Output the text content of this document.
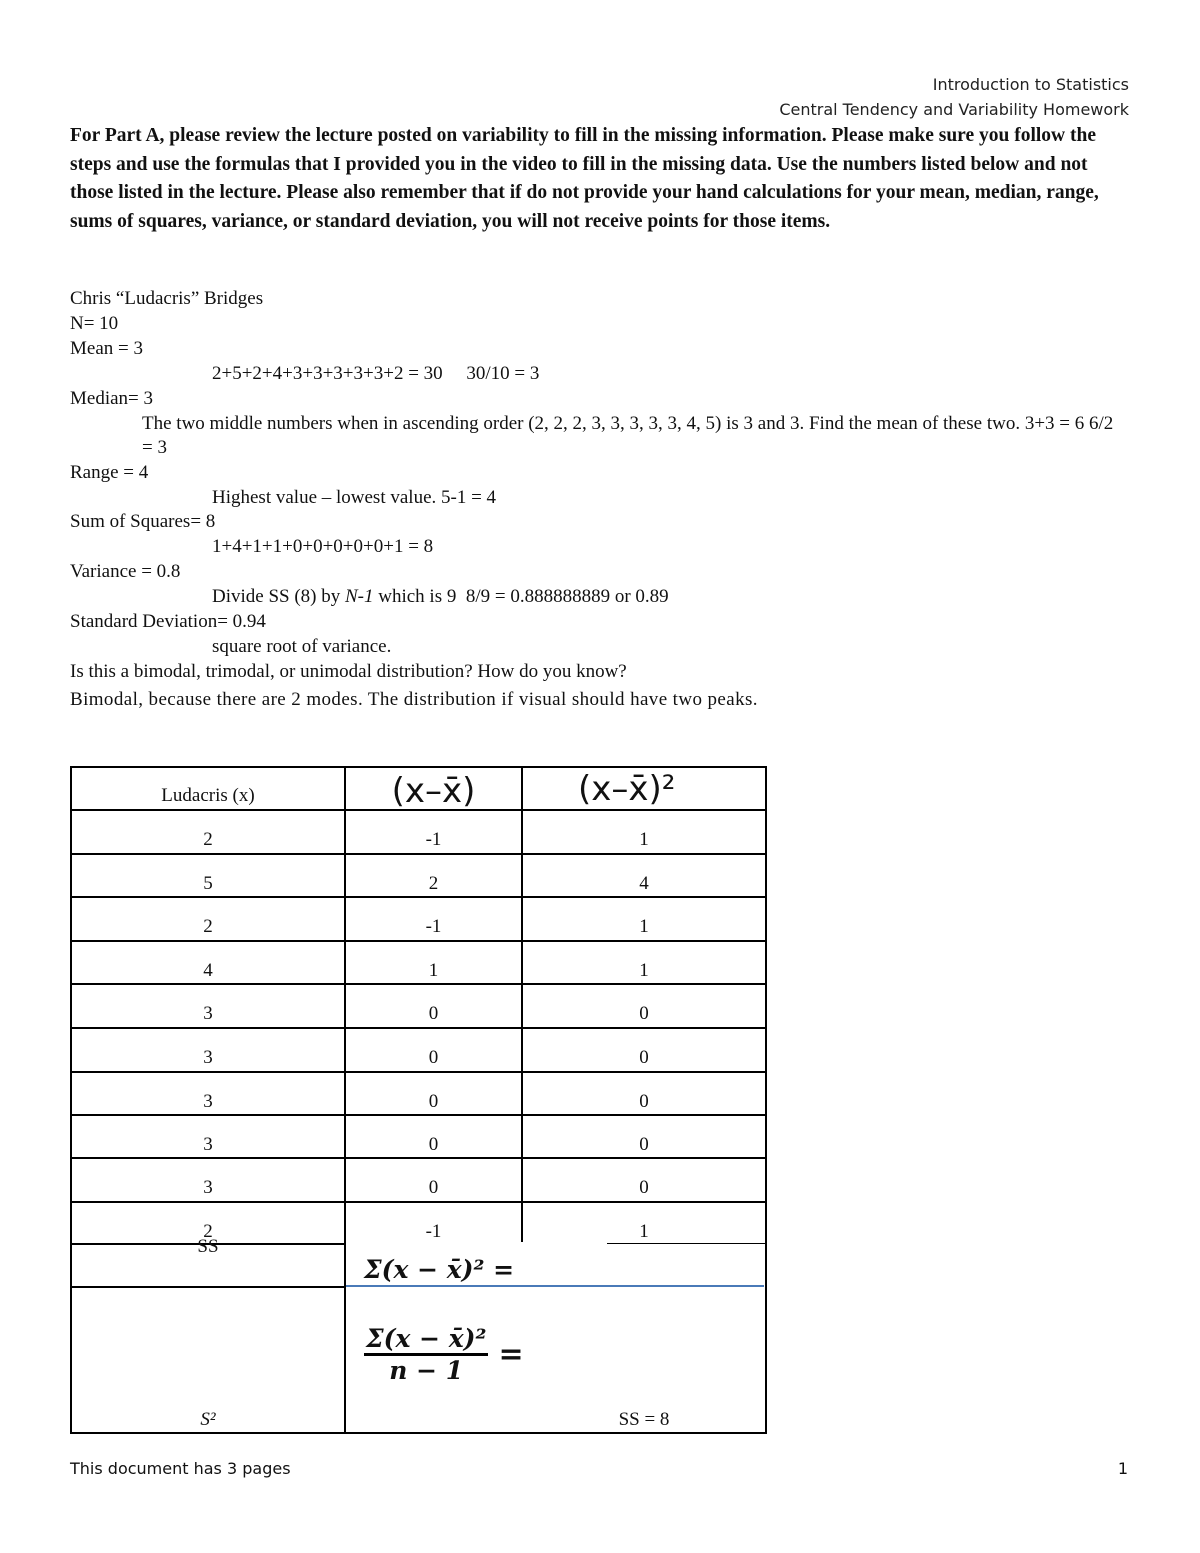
Introduction to Statistics
Central Tendency and Variability Homework
For Part A, please review the lecture posted on variability to fill in the missing information. Please make sure you follow the steps and use the formulas that I provided you in the video to fill in the missing data. Use the numbers listed below and not those listed in the lecture. Please also remember that if do not provide your hand calculations for your mean, median, range, sums of squares, variance, or standard deviation, you will not receive points for those items.
Chris “Ludacris” Bridges
N= 10
Mean = 3
2+5+2+4+3+3+3+3+3+2 = 30     30/10 = 3
Median= 3
The two middle numbers when in ascending order (2, 2, 2, 3, 3, 3, 3, 3, 4, 5) is 3 and 3. Find the mean of these two. 3+3 = 6 6/2 = 3
Range = 4
Highest value – lowest value. 5-1 = 4
Sum of Squares= 8
1+4+1+1+0+0+0+0+0+1 = 8
Variance = 0.8
Divide SS (8) by N-1 which is 9  8/9 = 0.888888889 or 0.89
Standard Deviation= 0.94
square root of variance.
Is this a bimodal, trimodal, or unimodal distribution? How do you know?
Bimodal, because there are 2 modes. The distribution if visual should have two peaks.
Ludacris (x)	(x–x̄)	(x–x̄)²
2	-1	1
5	2	4
2	-1	1
4	1	1
3	0	0
3	0	0
3	0	0
3	0	0
3	0	0
2	-1	1
SS
Σ(x − x̄)² =
S²
Σ(x − x̄)²
n − 1 =
SS = 8
This document has 3 pages	1
